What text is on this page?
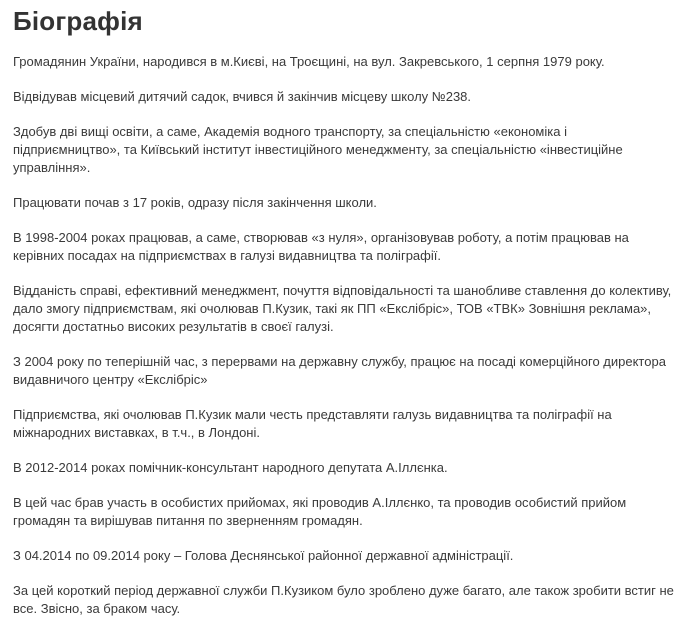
Біографія

Громадянин України, народився в м.Києві, на Троєщині, на вул. Закревського, 1 серпня 1979 року.

Відвідував місцевий дитячий садок, вчився й закінчив місцеву школу №238.

Здобув дві вищі освіти, а саме, Академія водного транспорту, за спеціальністю «економіка і підприємництво», та Київський інститут інвестиційного менеджменту, за спеціальністю «інвестиційне управління».

Працювати почав з 17 років, одразу після закінчення школи.

В 1998-2004 роках працював, а саме, створював «з нуля», організовував роботу, а потім працював на керівних посадах на підприємствах в галузі видавництва та поліграфії.

Відданість справі, ефективний менеджмент, почуття відповідальності та шанобливе ставлення до колективу, дало змогу підприємствам, які очолював П.Кузик, такі як ПП «Екслібріс», ТОВ «ТВК» Зовнішня реклама», досягти достатньо високих результатів в своєї галузі.

З 2004 року по теперішній час, з перервами на державну службу, працює на посаді комерційного директора видавничого центру «Екслібріс»

Підприємства, які очолював П.Кузик мали честь представляти галузь видавництва та поліграфії на міжнародних виставках, в т.ч., в Лондоні.

В 2012-2014 роках помічник-консультант народного депутата А.Іллєнка.

В цей час брав участь в особистих прийомах, які проводив А.Іллєнко, та проводив особистий прийом громадян та вирішував питання по зверненням громадян.

З 04.2014 по 09.2014 року – Голова Деснянської районної державної адміністрації.

За цей короткий період державної служби П.Кузиком було зроблено дуже багато, але також зробити встиг не все. Звісно, за браком часу.
